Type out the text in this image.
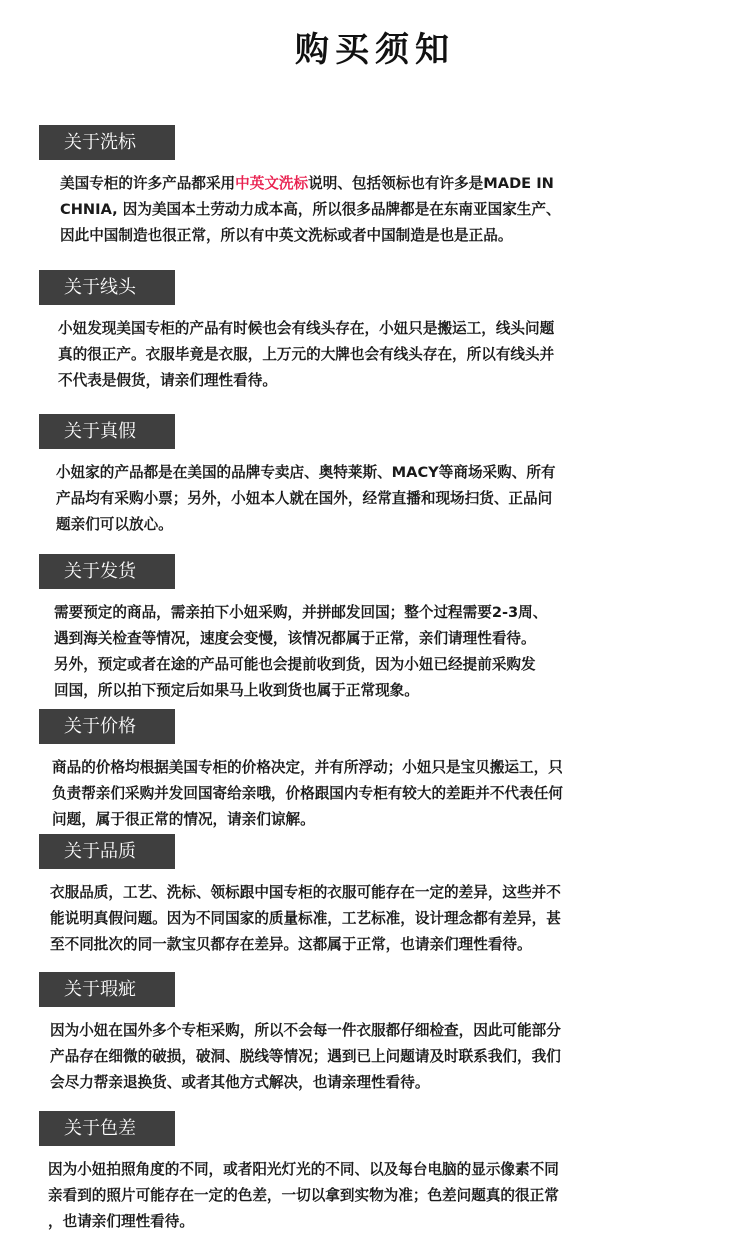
购买须知
关于洗标

美国专柜的许多产品都采用中英文洗标说明、包括领标也有许多是MADE IN

CHNIA, 因为美国本土劳动力成本高，所以很多品牌都是在东南亚国家生产、

因此中国制造也很正常，所以有中英文洗标或者中国制造是也是正品。

关于线头

小妞发现美国专柜的产品有时候也会有线头存在，小妞只是搬运工，线头问题

真的很正产。衣服毕竟是衣服，上万元的大牌也会有线头存在，所以有线头并

不代表是假货，请亲们理性看待。

关于真假

小妞家的产品都是在美国的品牌专卖店、奥特莱斯、MACY等商场采购、所有

产品均有采购小票；另外，小妞本人就在国外，经常直播和现场扫货、正品问

题亲们可以放心。

关于发货

需要预定的商品，需亲拍下小妞采购，并拼邮发回国；整个过程需要2-3周、

遇到海关检查等情况，速度会变慢，该情况都属于正常，亲们请理性看待。

另外，预定或者在途的产品可能也会提前收到货，因为小妞已经提前采购发

回国，所以拍下预定后如果马上收到货也属于正常现象。

关于价格

商品的价格均根据美国专柜的价格决定，并有所浮动；小妞只是宝贝搬运工，只

负责帮亲们采购并发回国寄给亲哦，价格跟国内专柜有较大的差距并不代表任何

问题，属于很正常的情况，请亲们谅解。

关于品质

衣服品质，工艺、洗标、领标跟中国专柜的衣服可能存在一定的差异，这些并不

能说明真假问题。因为不同国家的质量标准，工艺标准，设计理念都有差异，甚

至不同批次的同一款宝贝都存在差异。这都属于正常，也请亲们理性看待。

关于瑕疵

因为小妞在国外多个专柜采购，所以不会每一件衣服都仔细检查，因此可能部分

产品存在细微的破损，破洞、脱线等情况；遇到已上问题请及时联系我们，我们

会尽力帮亲退换货、或者其他方式解决，也请亲理性看待。

关于色差

因为小妞拍照角度的不同，或者阳光灯光的不同、以及每台电脑的显示像素不同

亲看到的照片可能存在一定的色差，一切以拿到实物为准；色差问题真的很正常

，也请亲们理性看待。
